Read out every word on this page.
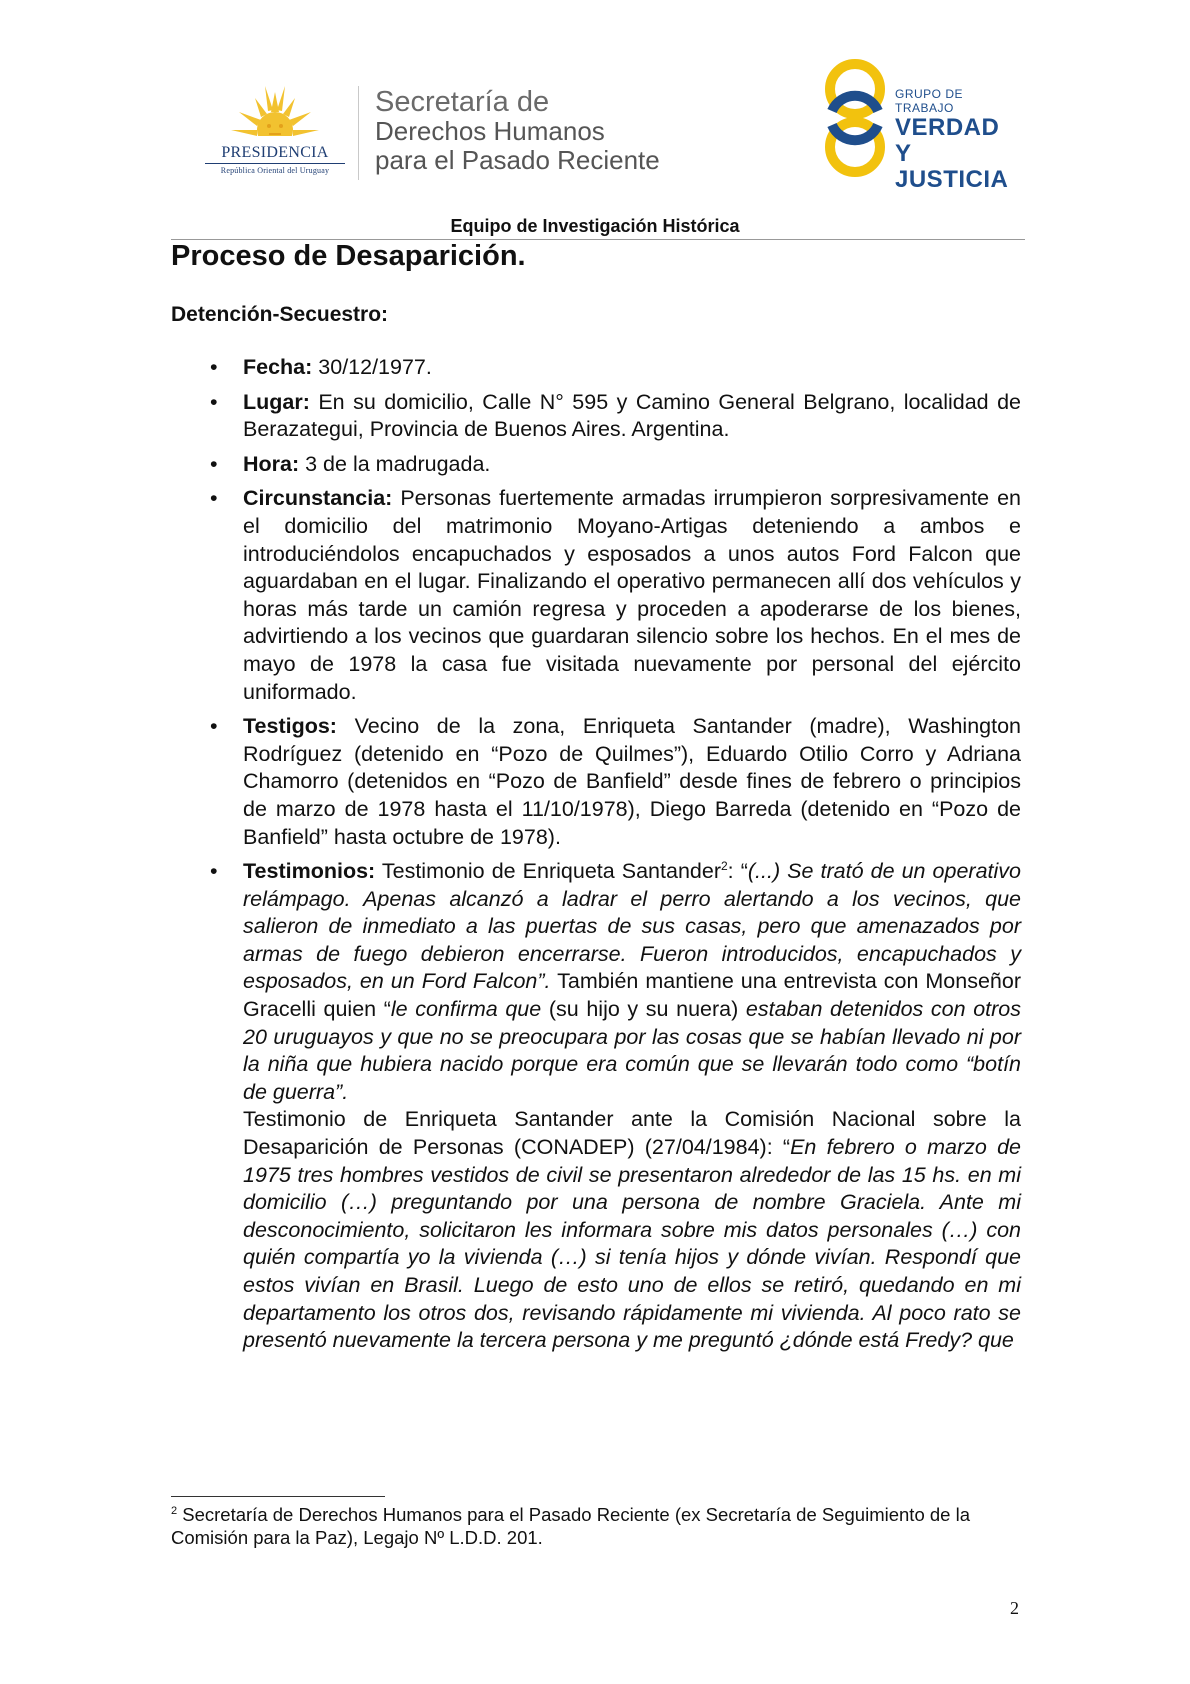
PRESIDENCIA
República Oriental del Uruguay
Secretaría de
Derechos Humanos
para el Pasado Reciente
GRUPO DE TRABAJO
VERDAD Y
JUSTICIA
Equipo de Investigación Histórica
Proceso de Desaparición.
Detención-Secuestro:
• Fecha: 30/12/1977.

• Lugar: En su domicilio, Calle N° 595 y Camino General Belgrano, localidad de Berazategui, Provincia de Buenos Aires. Argentina.

• Hora: 3 de la madrugada.

• Circunstancia: Personas fuertemente armadas irrumpieron sorpresivamente en el domicilio del matrimonio Moyano-Artigas deteniendo a ambos e introduciéndolos encapuchados y esposados a unos autos Ford Falcon que aguardaban en el lugar. Finalizando el operativo permanecen allí dos vehículos y horas más tarde un camión regresa y proceden a apoderarse de los bienes, advirtiendo a los vecinos que guardaran silencio sobre los hechos. En el mes de mayo de 1978 la casa fue visitada nuevamente por personal del ejército uniformado.

• Testigos: Vecino de la zona, Enriqueta Santander (madre), Washington Rodríguez (detenido en “Pozo de Quilmes”), Eduardo Otilio Corro y Adriana Chamorro (detenidos en “Pozo de Banfield” desde fines de febrero o principios de marzo de 1978 hasta el 11/10/1978), Diego Barreda (detenido en “Pozo de Banfield” hasta octubre de 1978).

• Testimonios: Testimonio de Enriqueta Santander$^2$: “(...) Se trató de un operativo relámpago. Apenas alcanzó a ladrar el perro alertando a los vecinos, que salieron de inmediato a las puertas de sus casas, pero que amenazados por armas de fuego debieron encerrarse. Fueron introducidos, encapuchados y esposados, en un Ford Falcon”. También mantiene una entrevista con Monseñor Gracelli quien “le confirma que (su hijo y su nuera) estaban detenidos con otros 20 uruguayos y que no se preocupara por las cosas que se habían llevado ni por la niña que hubiera nacido porque era común que se llevarán todo como “botín de guerra”.

Testimonio de Enriqueta Santander ante la Comisión Nacional sobre la Desaparición de Personas (CONADEP) (27/04/1984): “En febrero o marzo de 1975 tres hombres vestidos de civil se presentaron alrededor de las 15 hs. en mi domicilio (…) preguntando por una persona de nombre Graciela. Ante mi desconocimiento, solicitaron les informara sobre mis datos personales (…) con quién compartía yo la vivienda (…) si tenía hijos y dónde vivían. Respondí que estos vivían en Brasil. Luego de esto uno de ellos se retiró, quedando en mi departamento los otros dos, revisando rápidamente mi vivienda. Al poco rato se presentó nuevamente la tercera persona y me preguntó ¿dónde está Fredy? que

$^2$ Secretaría de Derechos Humanos para el Pasado Reciente (ex Secretaría de Seguimiento de la Comisión para la Paz), Legajo Nº L.D.D. 201.
2
